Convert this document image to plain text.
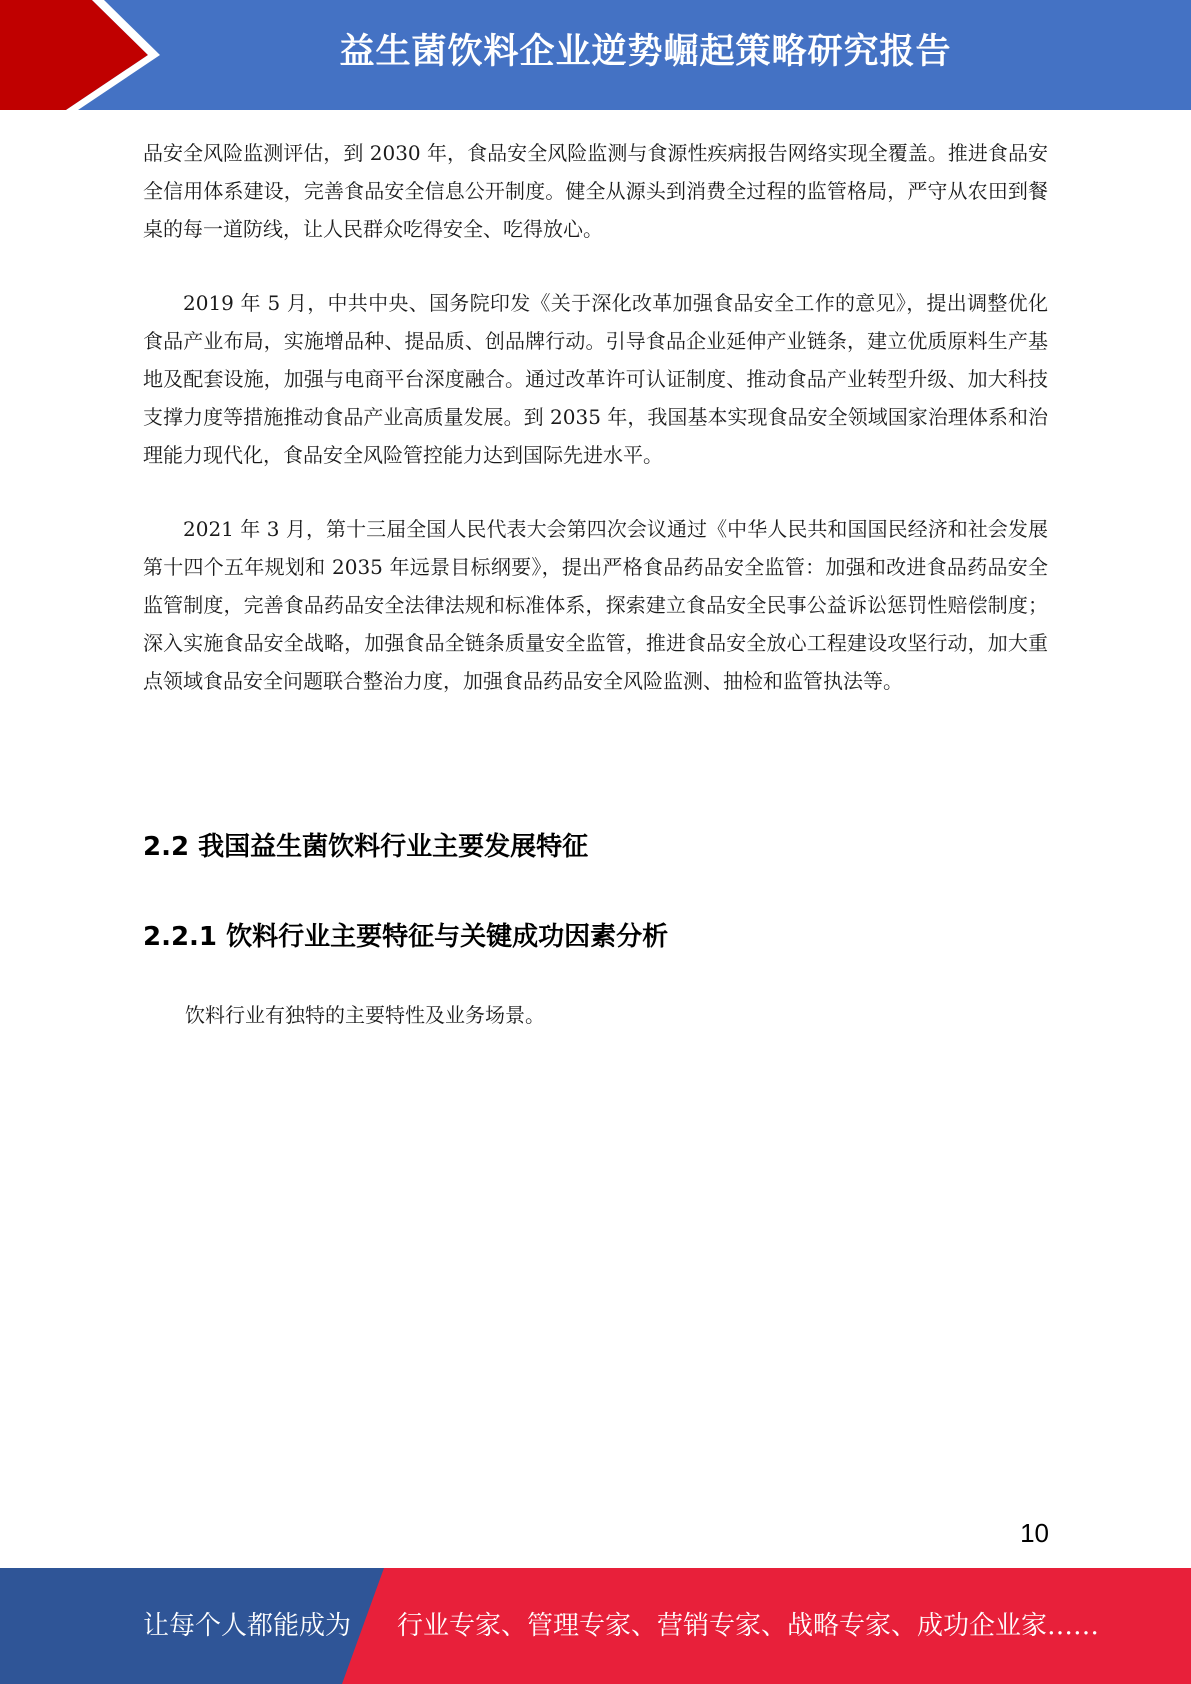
益生菌饮料企业逆势崛起策略研究报告

品安全风险监测评估，到 2030 年，食品安全风险监测与食源性疾病报告网络实现全覆盖。推进食品安全信用体系建设，完善食品安全信息公开制度。健全从源头到消费全过程的监管格局，严守从农田到餐桌的每一道防线，让人民群众吃得安全、吃得放心。

2019 年 5 月，中共中央、国务院印发《关于深化改革加强食品安全工作的意见》，提出调整优化食品产业布局，实施增品种、提品质、创品牌行动。引导食品企业延伸产业链条，建立优质原料生产基地及配套设施，加强与电商平台深度融合。通过改革许可认证制度、推动食品产业转型升级、加大科技支撑力度等措施推动食品产业高质量发展。到 2035 年，我国基本实现食品安全领域国家治理体系和治理能力现代化，食品安全风险管控能力达到国际先进水平。

2021 年 3 月，第十三届全国人民代表大会第四次会议通过《中华人民共和国国民经济和社会发展第十四个五年规划和 2035 年远景目标纲要》，提出严格食品药品安全监管：加强和改进食品药品安全监管制度，完善食品药品安全法律法规和标准体系，探索建立食品安全民事公益诉讼惩罚性赔偿制度；深入实施食品安全战略，加强食品全链条质量安全监管，推进食品安全放心工程建设攻坚行动，加大重点领域食品安全问题联合整治力度，加强食品药品安全风险监测、抽检和监管执法等。

2.2 我国益生菌饮料行业主要发展特征
2.2.1 饮料行业主要特征与关键成功因素分析

饮料行业有独特的主要特性及业务场景。

10
让每个人都能成为 行业专家、管理专家、营销专家、战略专家、成功企业家……
